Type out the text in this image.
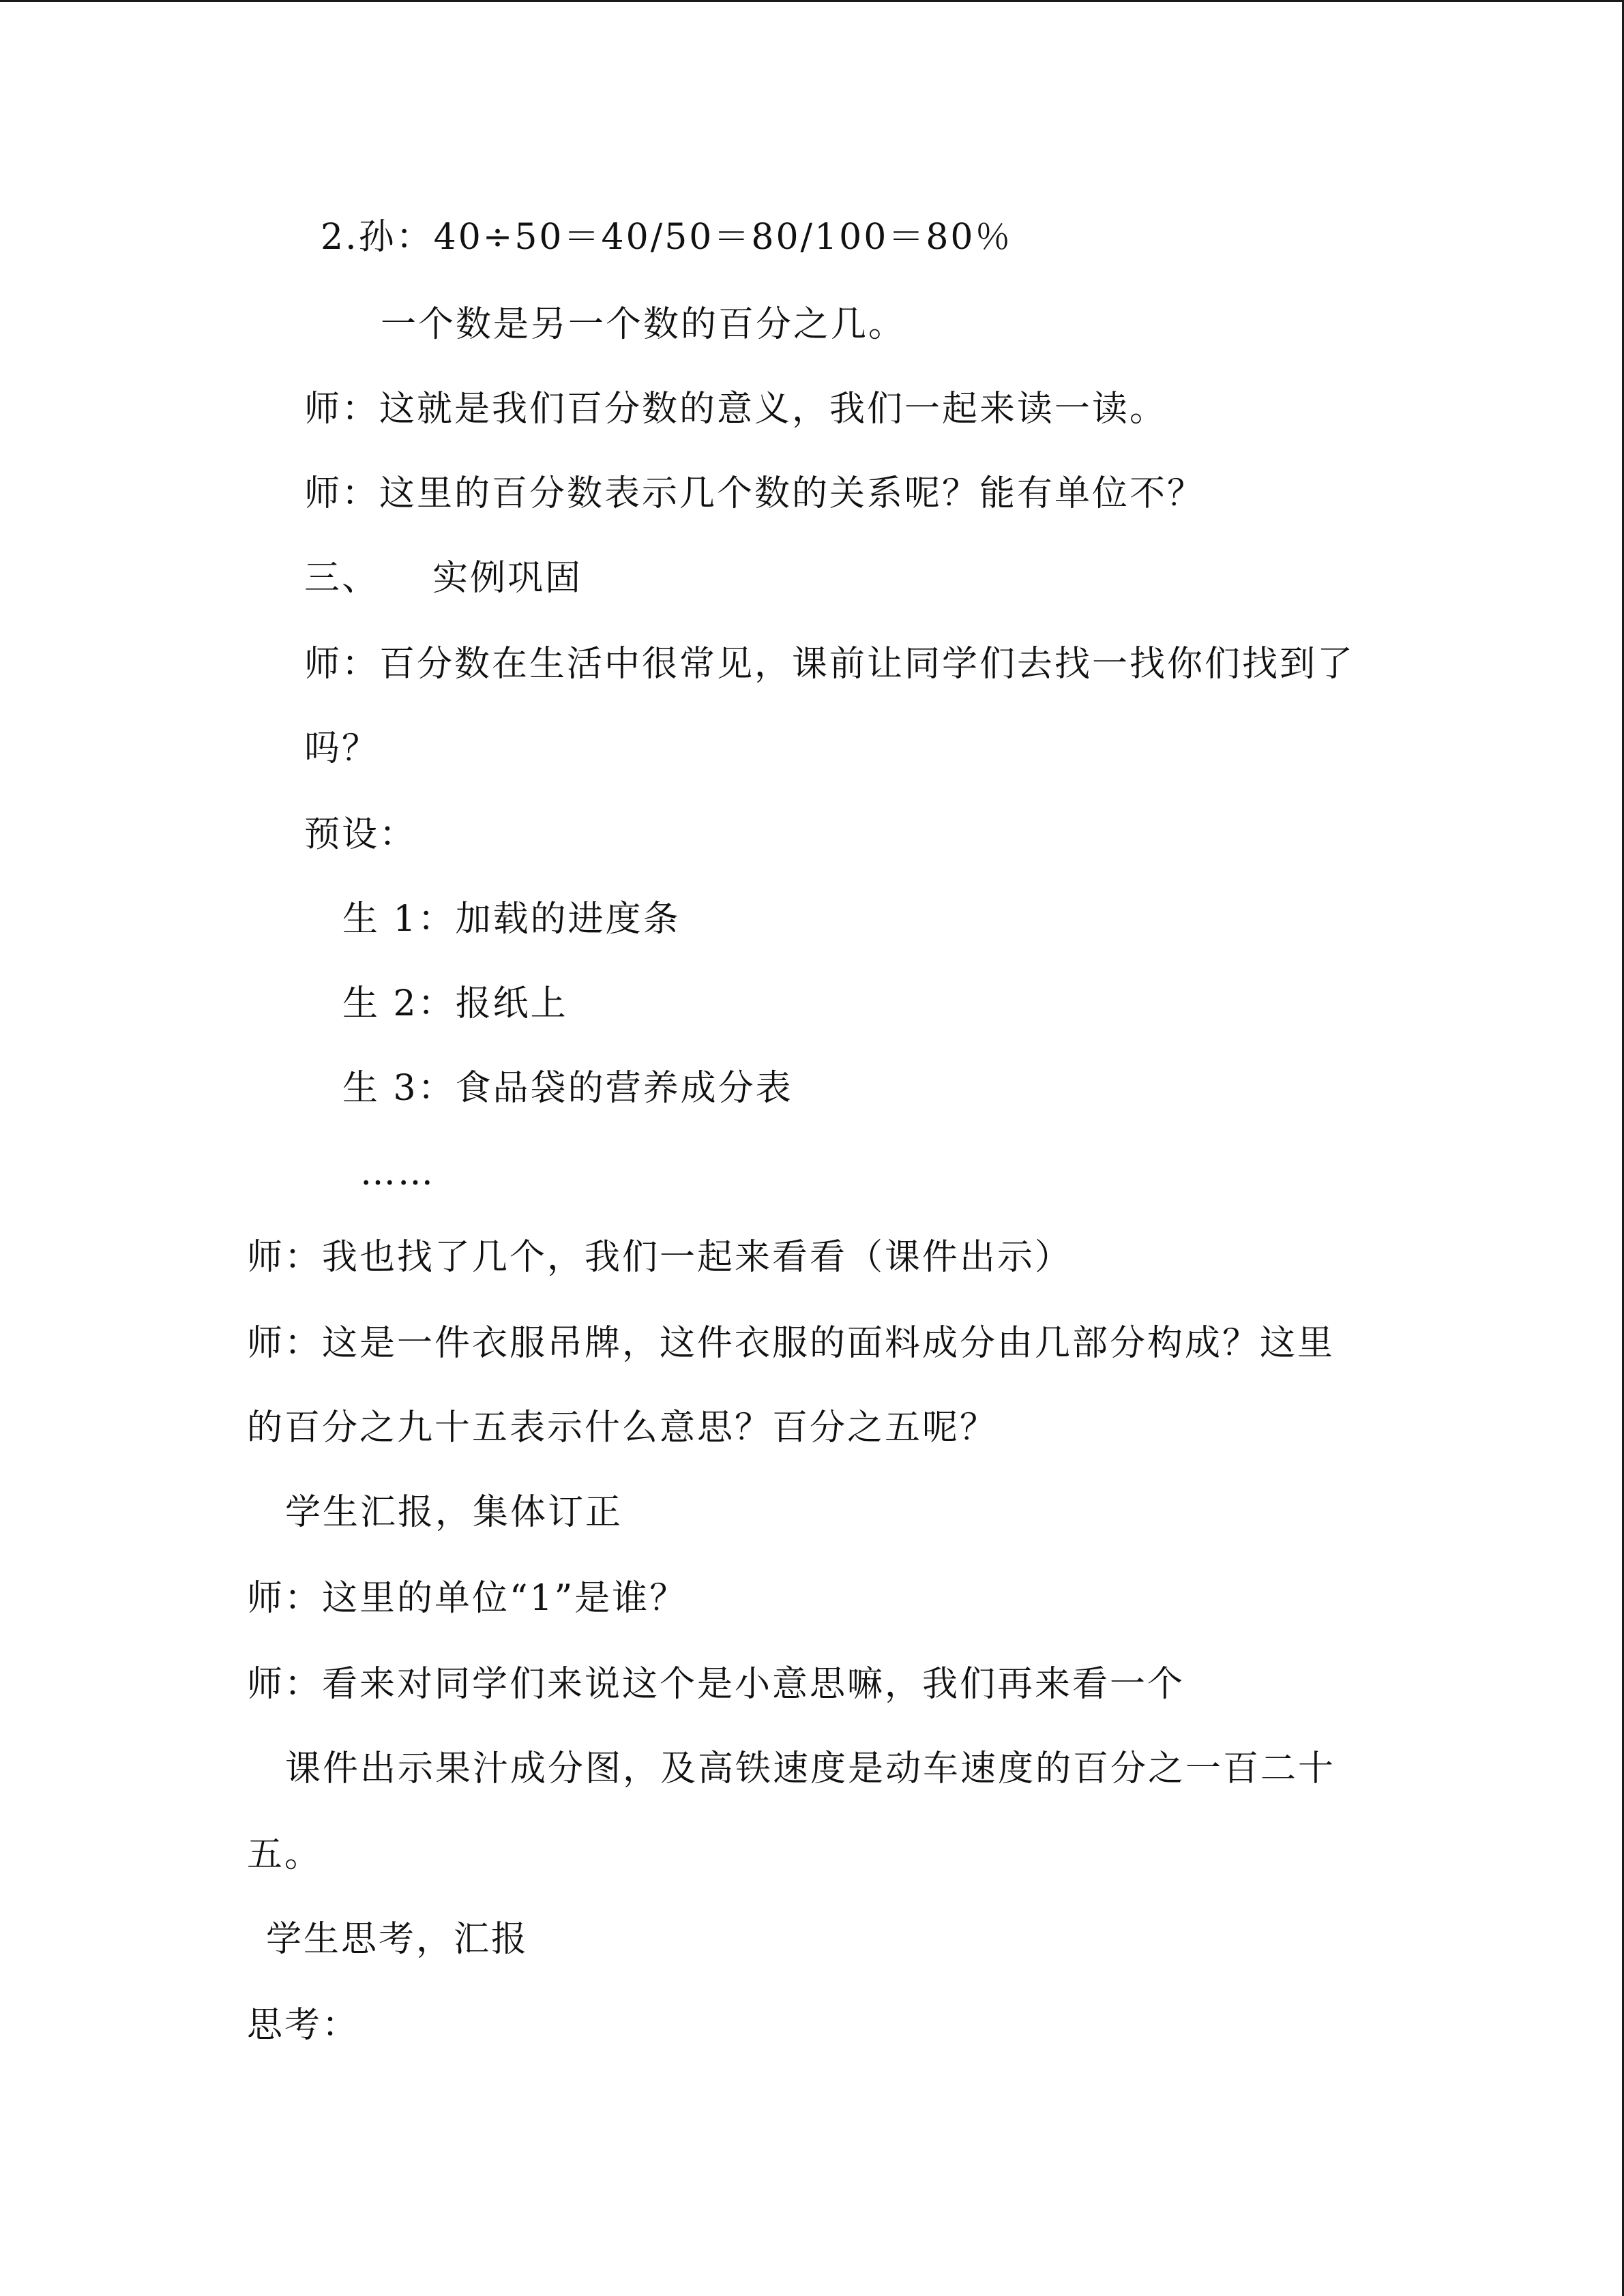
2.孙：40÷50＝40/50＝80/100＝80％
一个数是另一个数的百分之几。
师：这就是我们百分数的意义，我们一起来读一读。
师：这里的百分数表示几个数的关系呢？能有单位不？
三、    实例巩固
师：百分数在生活中很常见，课前让同学们去找一找你们找到了
吗？
预设：
生 1：加载的进度条
生 2：报纸上
生 3：食品袋的营养成分表
……
师：我也找了几个，我们一起来看看（课件出示）
师：这是一件衣服吊牌，这件衣服的面料成分由几部分构成？这里
的百分之九十五表示什么意思？百分之五呢？
学生汇报，集体订正
师：这里的单位“1”是谁？
师：看来对同学们来说这个是小意思嘛，我们再来看一个
课件出示果汁成分图，及高铁速度是动车速度的百分之一百二十
五。
学生思考，汇报
思考：
